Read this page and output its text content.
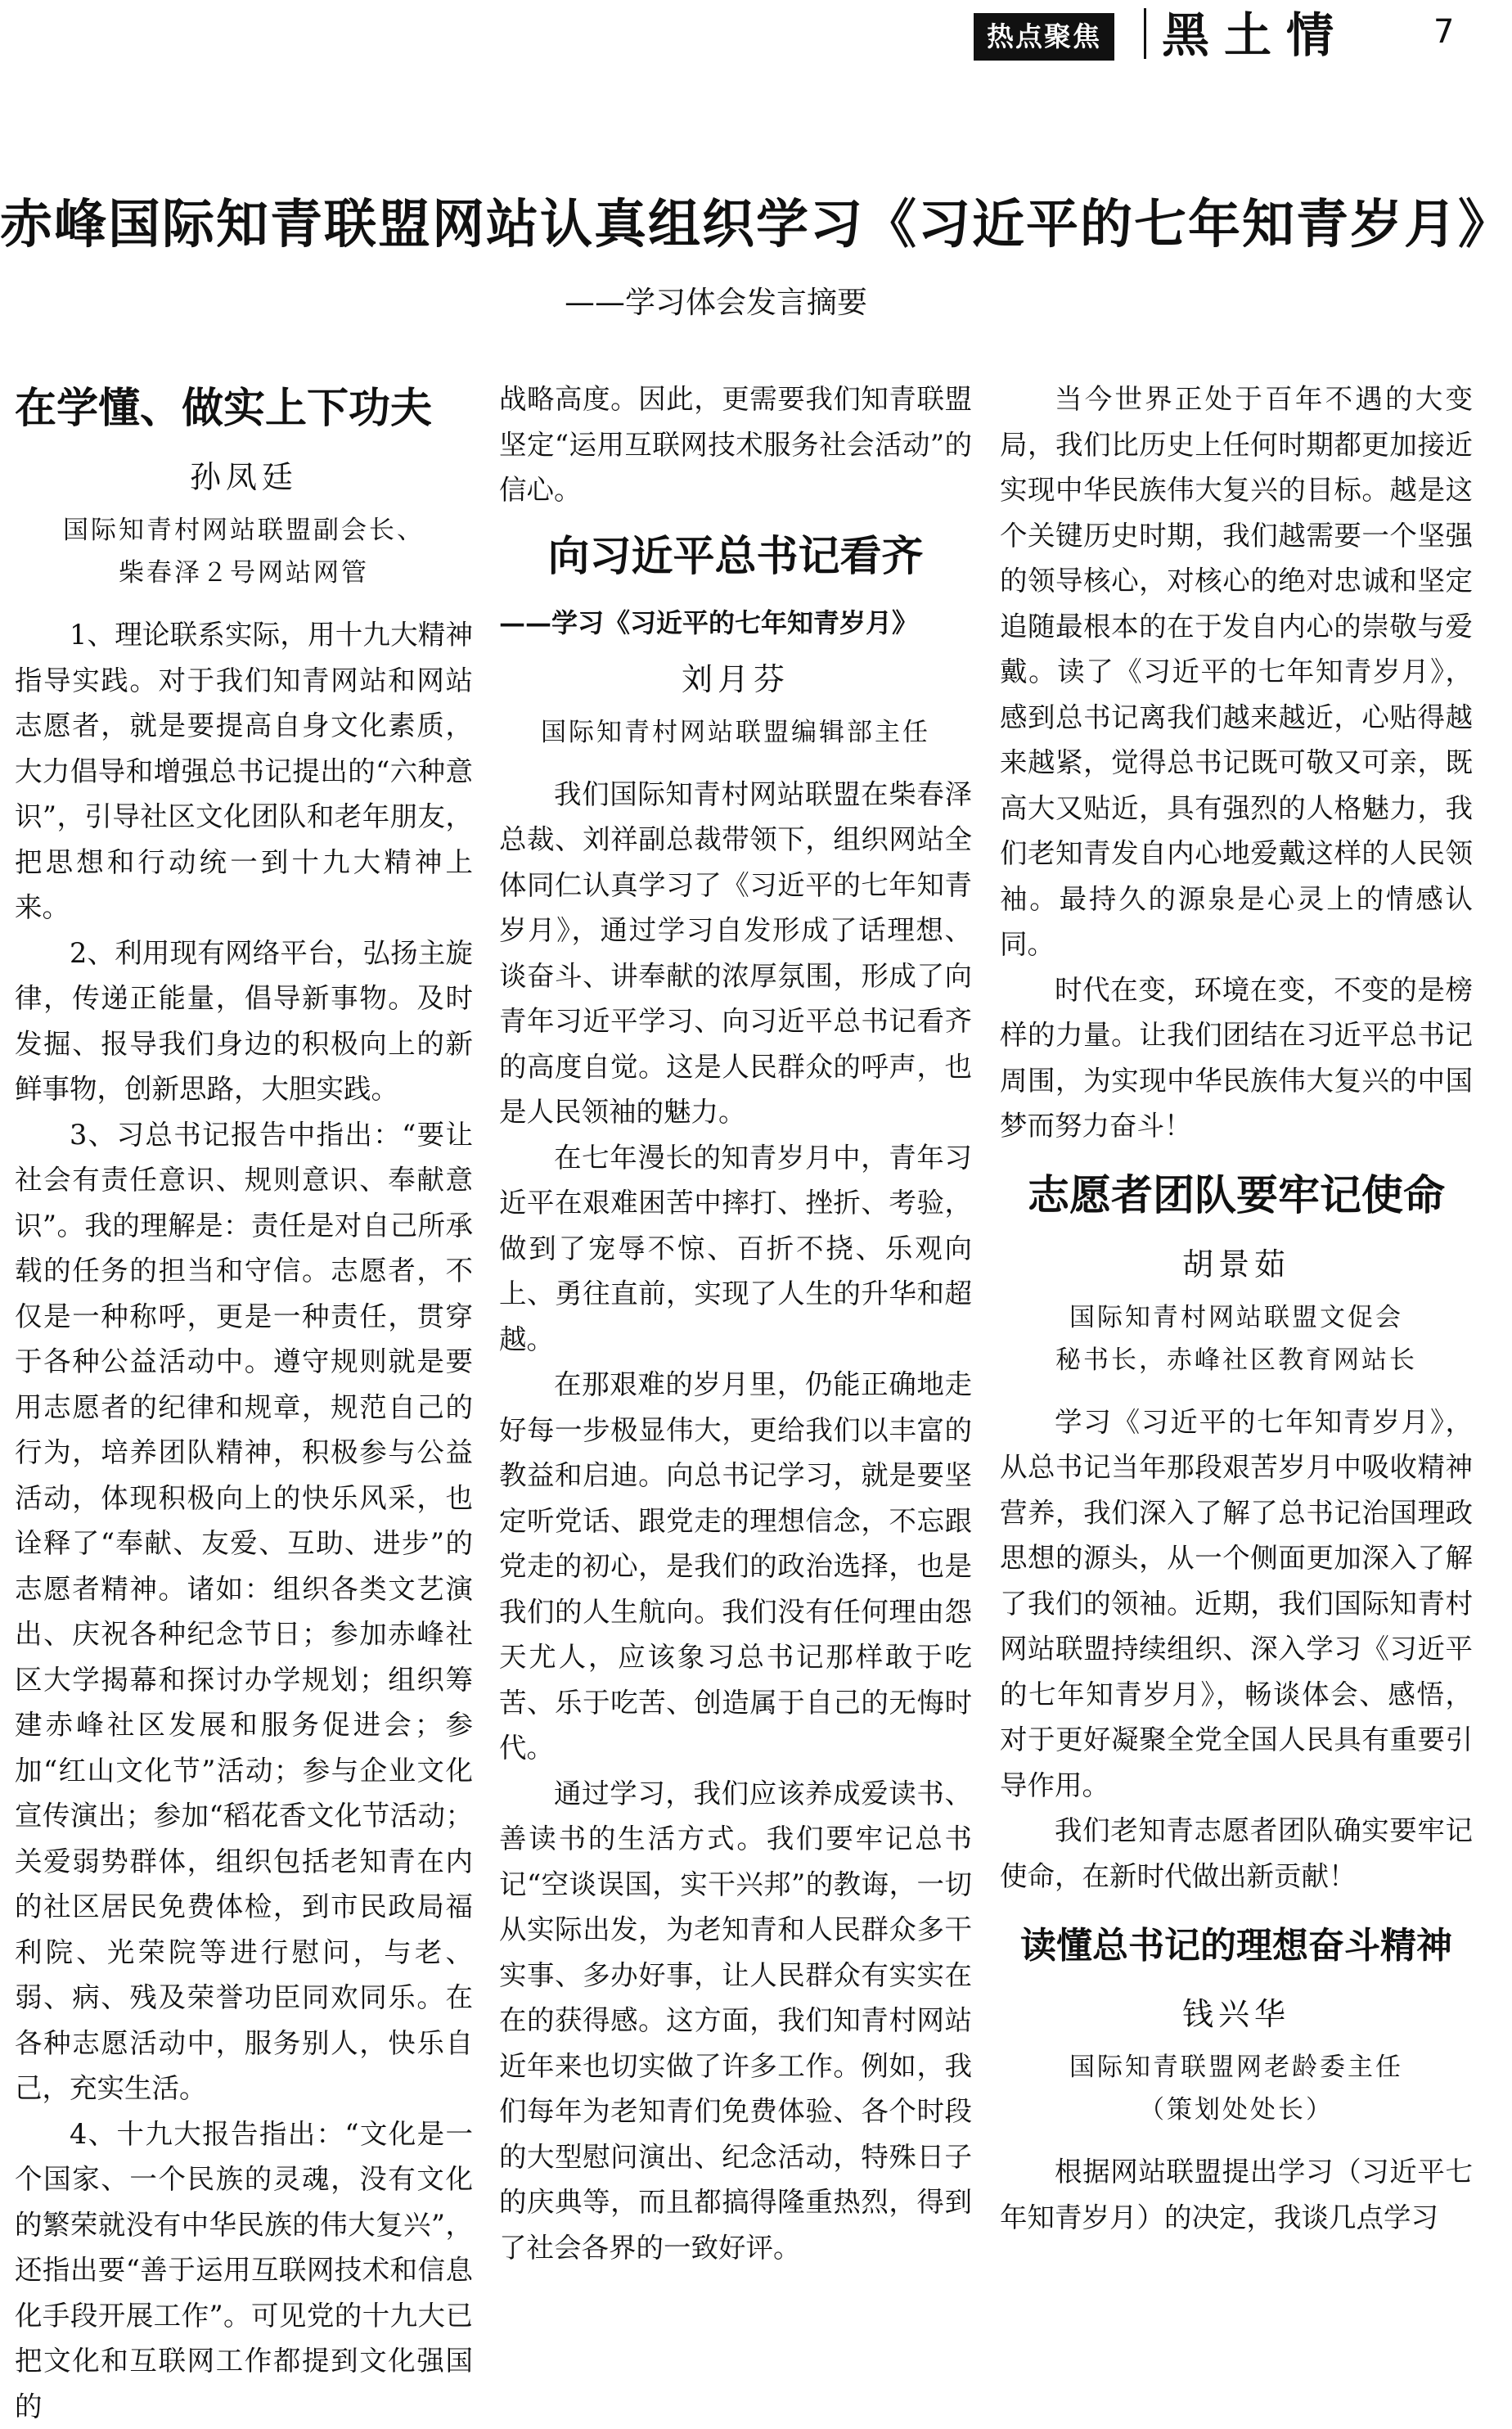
热点聚焦 黑土情	7
赤峰国际知青联盟网站认真组织学习《习近平的七年知青岁月》
——学习体会发言摘要
在学懂、做实上下功夫
孙凤廷
国际知青村网站联盟副会长、
柴春泽２号网站网管

1、理论联系实际，用十九大精神指导实践。对于我们知青网站和网站志愿者，就是要提高自身文化素质，大力倡导和增强总书记提出的“六种意识”，引导社区文化团队和老年朋友，把思想和行动统一到十九大精神上来。

2、利用现有网络平台，弘扬主旋律，传递正能量，倡导新事物。及时发掘、报导我们身边的积极向上的新鲜事物，创新思路，大胆实践。

3、习总书记报告中指出：“要让社会有责任意识、规则意识、奉献意识”。我的理解是：责任是对自己所承载的任务的担当和守信。志愿者，不仅是一种称呼，更是一种责任，贯穿于各种公益活动中。遵守规则就是要用志愿者的纪律和规章，规范自己的行为，培养团队精神，积极参与公益活动，体现积极向上的快乐风采，也诠释了“奉献、友爱、互助、进步”的志愿者精神。诸如：组织各类文艺演出、庆祝各种纪念节日；参加赤峰社区大学揭幕和探讨办学规划；组织筹建赤峰社区发展和服务促进会；参加“红山文化节”活动；参与企业文化宣传演出；参加“稻花香文化节活动；关爱弱势群体，组织包括老知青在内的社区居民免费体检，到市民政局福利院、光荣院等进行慰问，与老、弱、病、残及荣誉功臣同欢同乐。在各种志愿活动中，服务别人，快乐自己，充实生活。

4、十九大报告指出：“文化是一个国家、一个民族的灵魂，没有文化的繁荣就没有中华民族的伟大复兴”，还指出要“善于运用互联网技术和信息化手段开展工作”。可见党的十九大已把文化和互联网工作都提到文化强国的

战略高度。因此，更需要我们知青联盟坚定“运用互联网技术服务社会活动”的信心。

向习近平总书记看齐
——学习《习近平的七年知青岁月》
刘月芬
国际知青村网站联盟编辑部主任

我们国际知青村网站联盟在柴春泽总裁、刘祥副总裁带领下，组织网站全体同仁认真学习了《习近平的七年知青岁月》，通过学习自发形成了话理想、谈奋斗、讲奉献的浓厚氛围，形成了向青年习近平学习、向习近平总书记看齐的高度自觉。这是人民群众的呼声，也是人民领袖的魅力。

在七年漫长的知青岁月中，青年习近平在艰难困苦中摔打、挫折、考验，做到了宠辱不惊、百折不挠、乐观向上、勇往直前，实现了人生的升华和超越。

在那艰难的岁月里，仍能正确地走好每一步极显伟大，更给我们以丰富的教益和启迪。向总书记学习，就是要坚定听党话、跟党走的理想信念，不忘跟党走的初心，是我们的政治选择，也是我们的人生航向。我们没有任何理由怨天尤人，应该象习总书记那样敢于吃苦、乐于吃苦、创造属于自己的无悔时代。

通过学习，我们应该养成爱读书、善读书的生活方式。我们要牢记总书记“空谈误国，实干兴邦”的教诲，一切从实际出发，为老知青和人民群众多干实事、多办好事，让人民群众有实实在在的获得感。这方面，我们知青村网站近年来也切实做了许多工作。例如，我们每年为老知青们免费体验、各个时段的大型慰问演出、纪念活动，特殊日子的庆典等，而且都搞得隆重热烈，得到了社会各界的一致好评。

当今世界正处于百年不遇的大变局，我们比历史上任何时期都更加接近实现中华民族伟大复兴的目标。越是这个关键历史时期，我们越需要一个坚强的领导核心，对核心的绝对忠诚和坚定追随最根本的在于发自内心的崇敬与爱戴。读了《习近平的七年知青岁月》，感到总书记离我们越来越近，心贴得越来越紧，觉得总书记既可敬又可亲，既高大又贴近，具有强烈的人格魅力，我们老知青发自内心地爱戴这样的人民领袖。最持久的源泉是心灵上的情感认同。

时代在变，环境在变，不变的是榜样的力量。让我们团结在习近平总书记周围，为实现中华民族伟大复兴的中国梦而努力奋斗！

志愿者团队要牢记使命
胡景茹
国际知青村网站联盟文促会
秘书长，赤峰社区教育网站长

学习《习近平的七年知青岁月》，从总书记当年那段艰苦岁月中吸收精神营养，我们深入了解了总书记治国理政思想的源头，从一个侧面更加深入了解了我们的领袖。近期，我们国际知青村网站联盟持续组织、深入学习《习近平的七年知青岁月》，畅谈体会、感悟，对于更好凝聚全党全国人民具有重要引导作用。

我们老知青志愿者团队确实要牢记使命，在新时代做出新贡献！

读懂总书记的理想奋斗精神
钱兴华
国际知青联盟网老龄委主任
（策划处处长）

根据网站联盟提出学习（习近平七年知青岁月）的决定，我谈几点学习
